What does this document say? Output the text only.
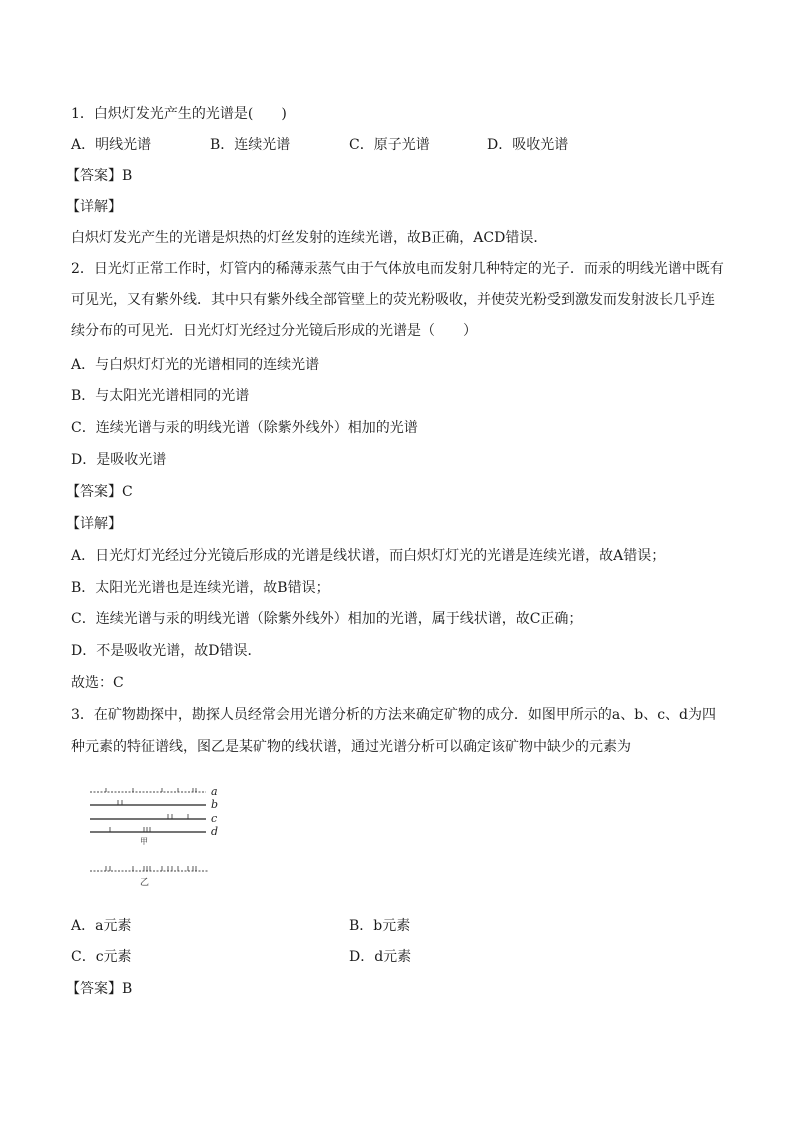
1．白炽灯发光产生的光谱是(　　)
A．明线光谱	B．连续光谱	C．原子光谱	D．吸收光谱
【答案】B
【详解】
白炽灯发光产生的光谱是炽热的灯丝发射的连续光谱，故B正确，ACD错误．
2．日光灯正常工作时，灯管内的稀薄汞蒸气由于气体放电而发射几种特定的光子．而汞的明线光谱中既有
可见光，又有紫外线．其中只有紫外线全部管壁上的荧光粉吸收，并使荧光粉受到激发而发射波长几乎连
续分布的可见光．日光灯灯光经过分光镜后形成的光谱是（　　）
A．与白炽灯灯光的光谱相同的连续光谱
B．与太阳光光谱相同的光谱
C．连续光谱与汞的明线光谱（除紫外线外）相加的光谱
D．是吸收光谱
【答案】C
【详解】
A．日光灯灯光经过分光镜后形成的光谱是线状谱，而白炽灯灯光的光谱是连续光谱，故A错误；
B．太阳光光谱也是连续光谱，故B错误；
C．连续光谱与汞的明线光谱（除紫外线外）相加的光谱，属于线状谱，故C正确；
D．不是吸收光谱，故D错误．
故选：C
3．在矿物勘探中，勘探人员经常会用光谱分析的方法来确定矿物的成分．如图甲所示的a、b、c、d为四
种元素的特征谱线，图乙是某矿物的线状谱，通过光谱分析可以确定该矿物中缺少的元素为
a
b
c
d
甲
乙
A．a元素	B．b元素
C．c元素	D．d元素
【答案】B
